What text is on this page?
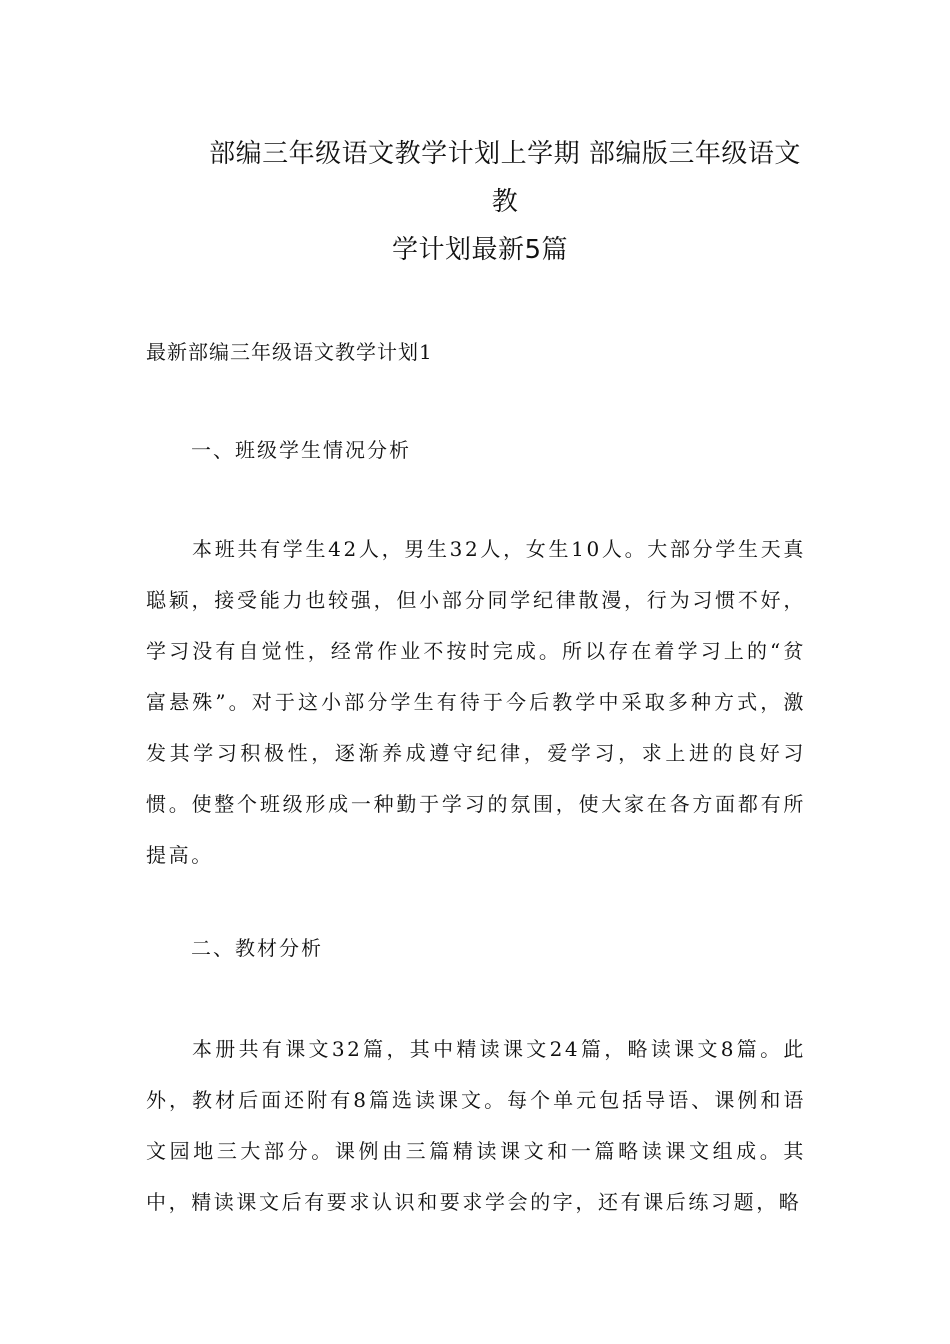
部编三年级语文教学计划上学期 部编版三年级语文教
学计划最新5篇

最新部编三年级语文教学计划1

一、班级学生情况分析

本班共有学生42人，男生32人，女生10人。大部分学生天真聪颖，接受能力也较强，但小部分同学纪律散漫，行为习惯不好，学习没有自觉性，经常作业不按时完成。所以存在着学习上的“贫富悬殊”。对于这小部分学生有待于今后教学中采取多种方式，激发其学习积极性，逐渐养成遵守纪律，爱学习，求上进的良好习惯。使整个班级形成一种勤于学习的氛围，使大家在各方面都有所提高。

二、教材分析

本册共有课文32篇，其中精读课文24篇，略读课文8篇。此外，教材后面还附有8篇选读课文。每个单元包括导语、课例和语文园地三大部分。课例由三篇精读课文和一篇略读课文组成。其中，精读课文后有要求认识和要求学会的字，还有课后练习题，略
